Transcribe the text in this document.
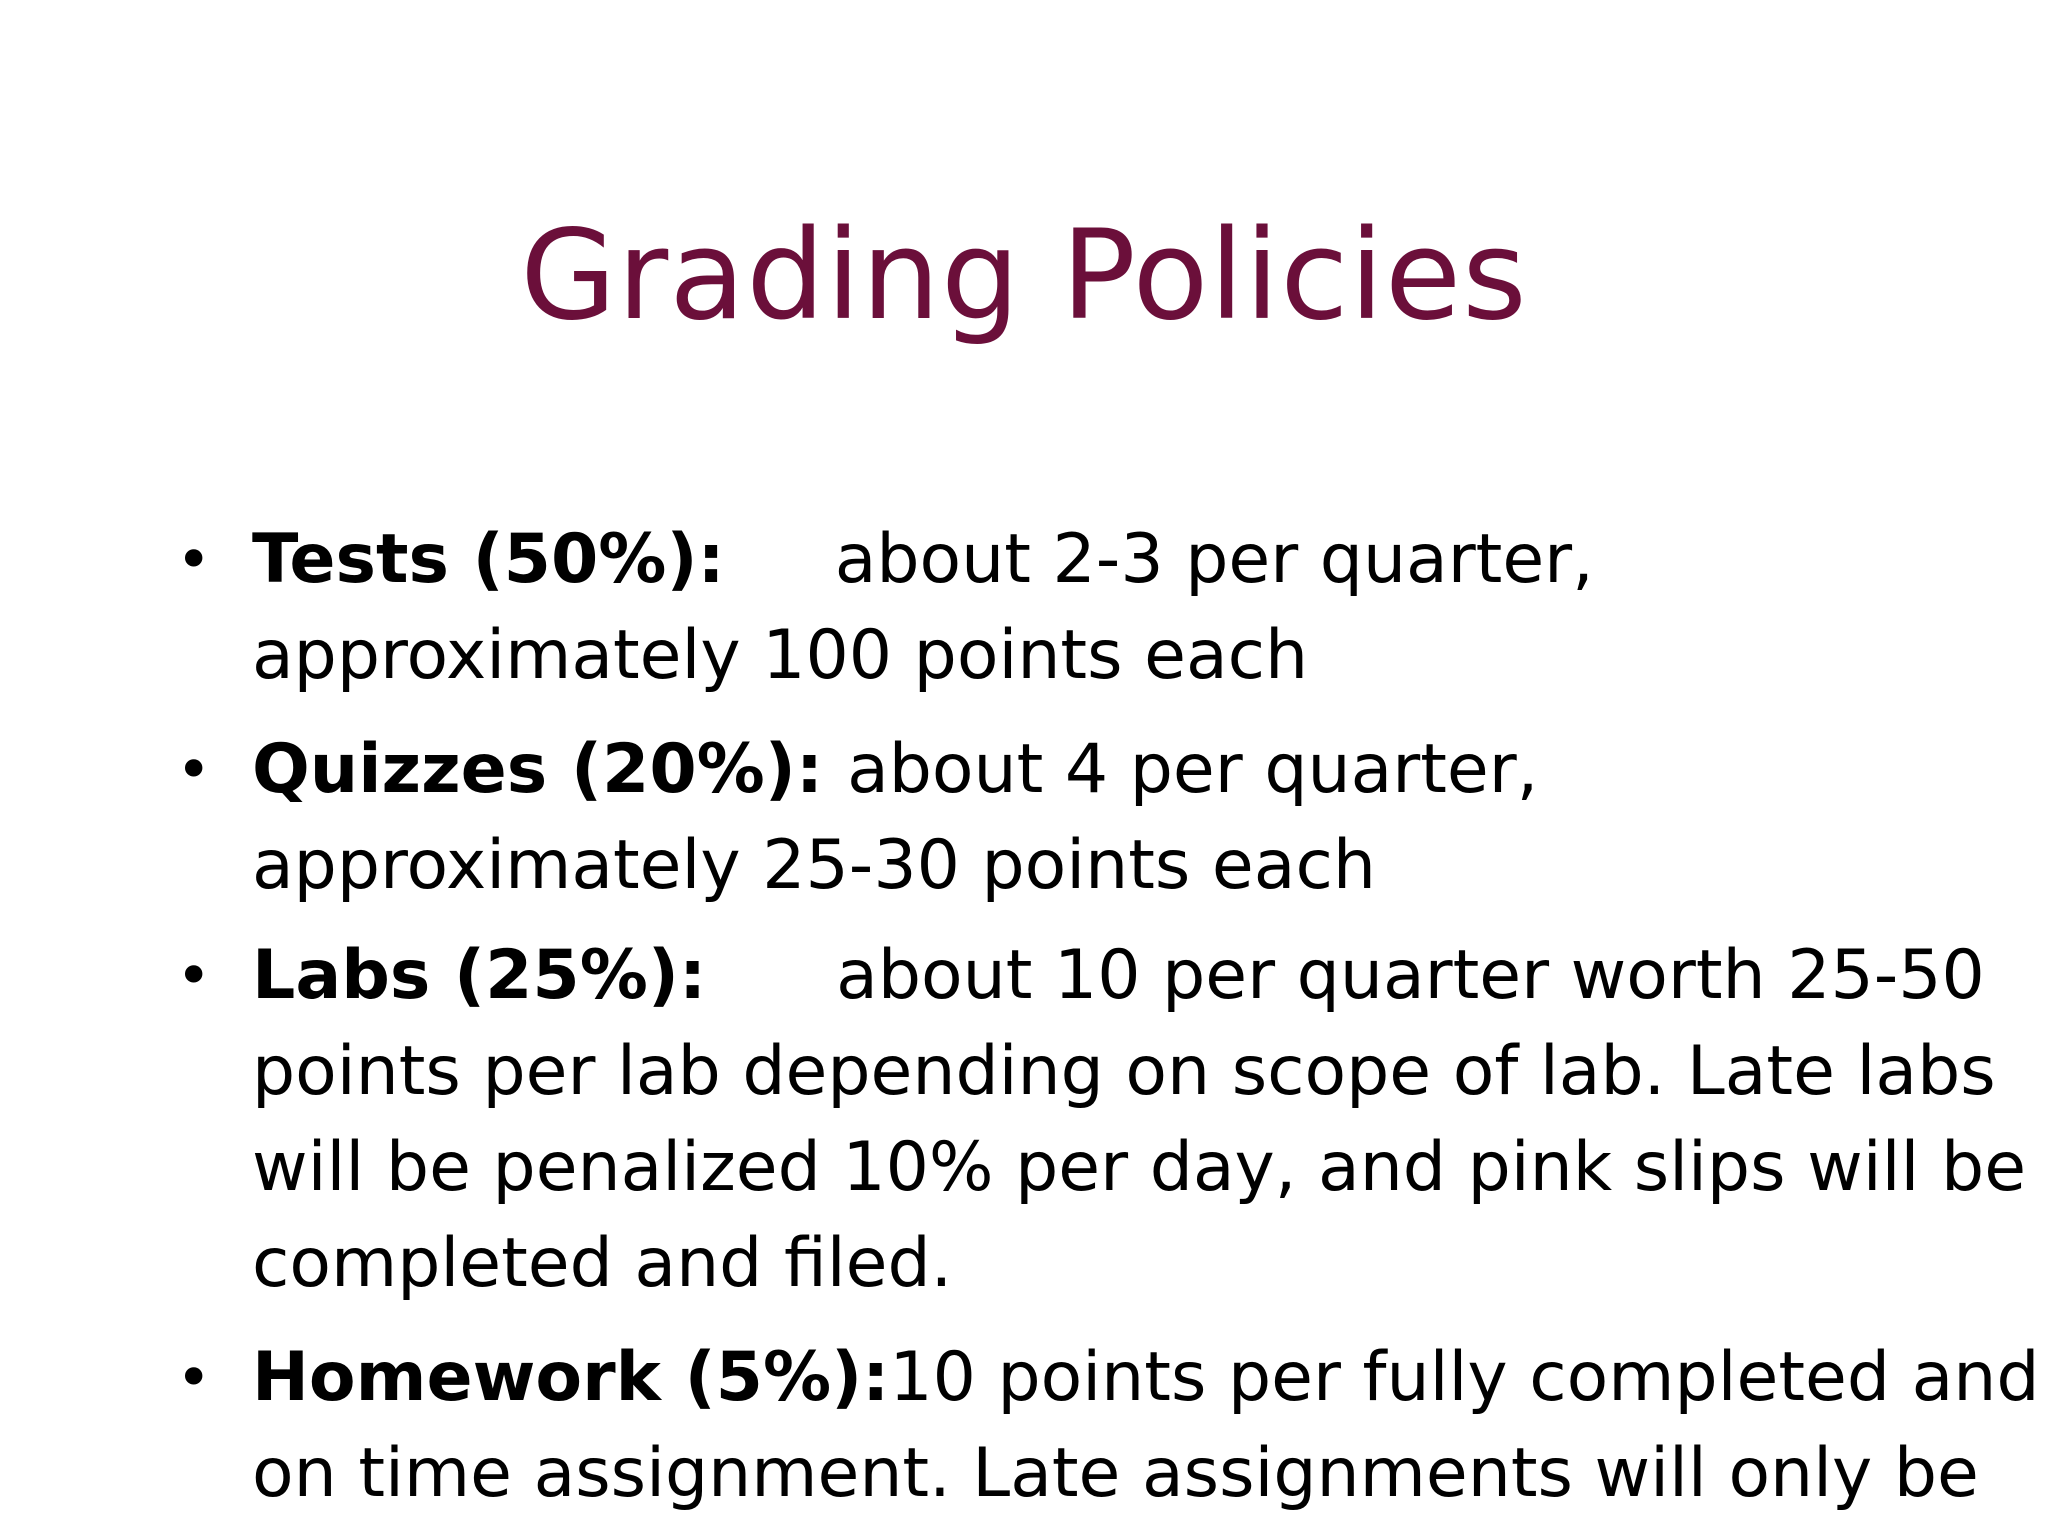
Grading Policies
• Tests (50%): about 2-3 per quarter,
approximately 100 points each
• Quizzes (20%): about 4 per quarter,
approximately 25-30 points each
• Labs (25%): about 10 per quarter worth 25-50
points per lab depending on scope of lab. Late labs
will be penalized 10% per day, and pink slips will be
completed and filed.
• Homework (5%):10 points per fully completed and
on time assignment. Late assignments will only be
